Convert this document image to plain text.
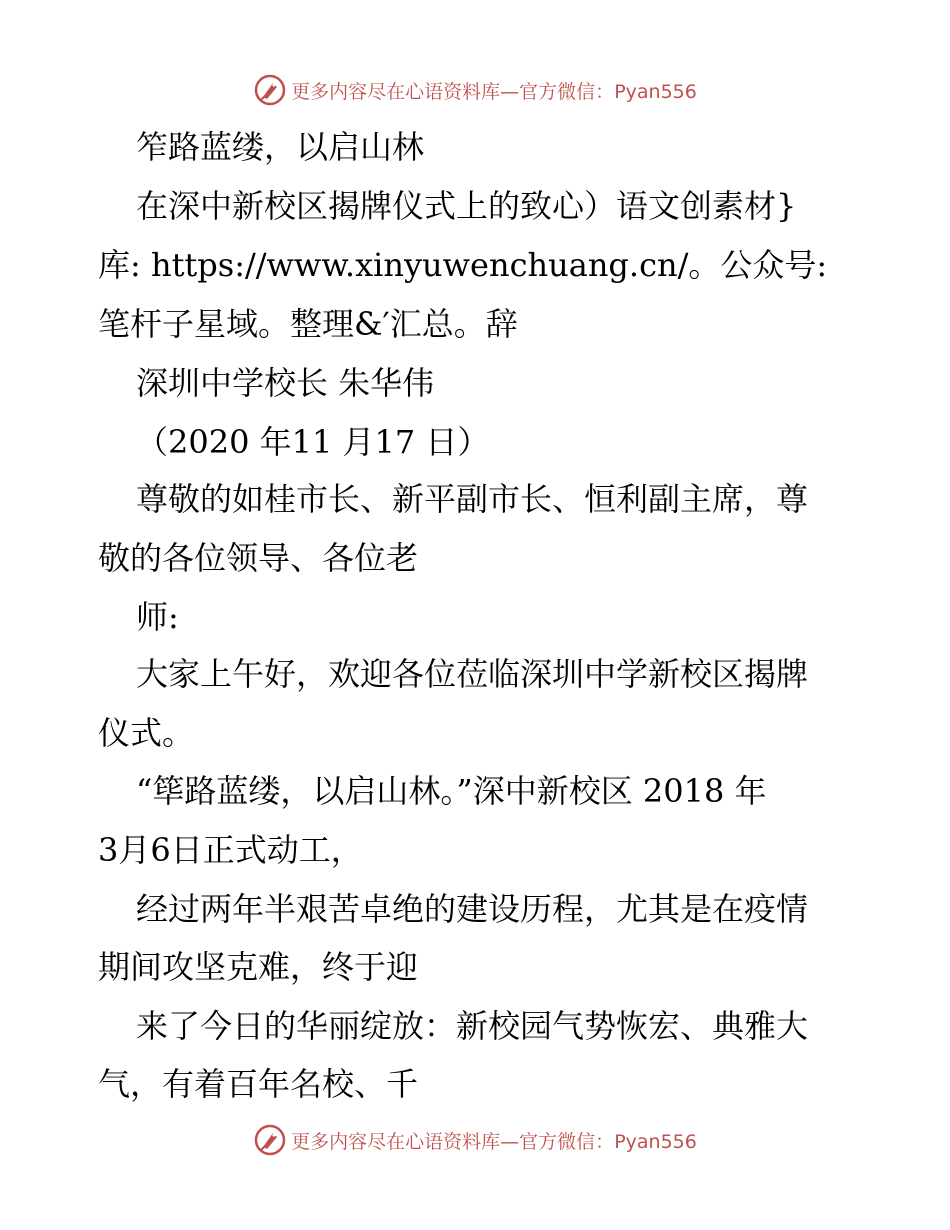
更多内容尽在心语资料库—官方微信：Pyan556
笮路蓝缕，以启山林
在深中新校区揭牌仪式上的致心）语文创素材}
库: https://www.xinyuwenchuang.cn/。公众号:
笔杆子星域。整理&′汇总。辞
深圳中学校长 朱华伟
（2020 年11 月17 日）
尊敬的如桂市长、新平副市长、恒利副主席，尊
敬的各位领导、各位老
师:
大家上午好，欢迎各位莅临深圳中学新校区揭牌
仪式。
“筚路蓝缕，以启山林。”深中新校区 2018 年
3月6日正式动工，
经过两年半艰苦卓绝的建设历程，尤其是在疫情
期间攻坚克难，终于迎
来了今日的华丽绽放：新校园气势恢宏、典雅大
气，有着百年名校、千
更多内容尽在心语资料库—官方微信：Pyan556
